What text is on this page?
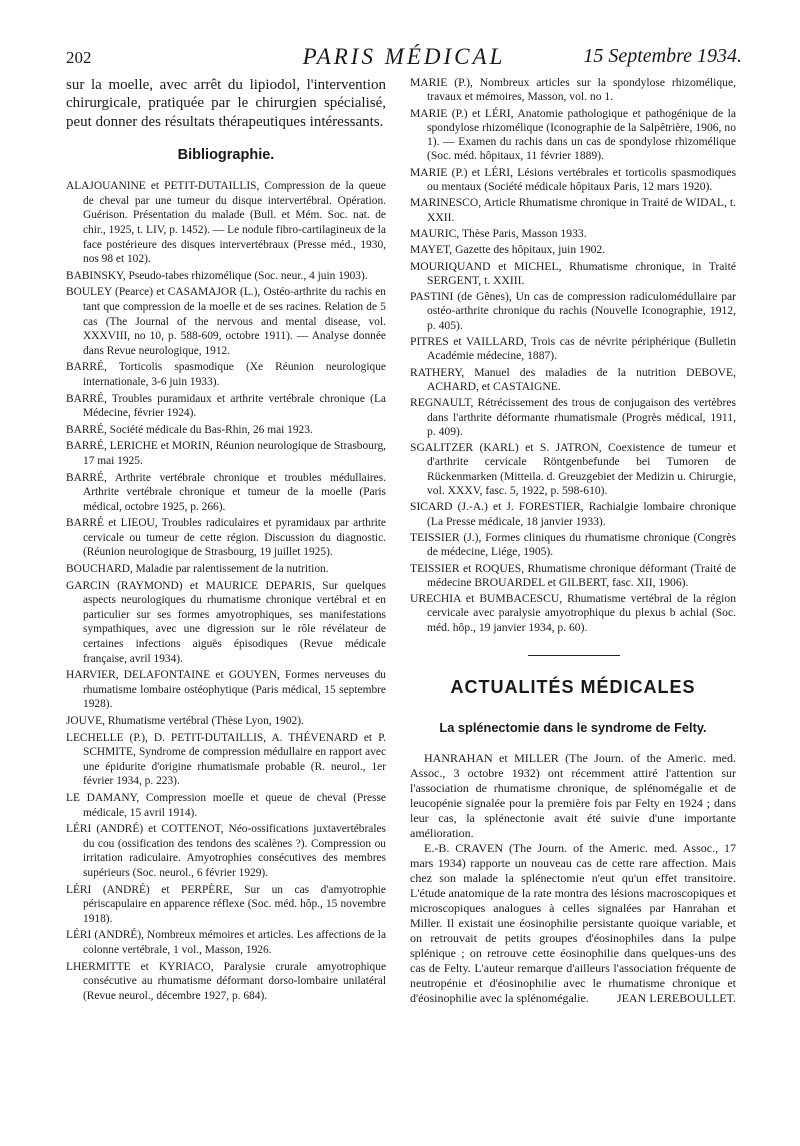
202	PARIS MÉDICAL	15 Septembre 1934.

sur la moelle, avec arrêt du lipiodol, l'intervention chirurgicale, pratiquée par le chirurgien spécialisé, peut donner des résultats thérapeutiques intéressants.

Bibliographie.

ALAJOUANINE et PETIT-DUTAILLIS, Compression de la queue de cheval par une tumeur du disque intervertébral. Opération. Guérison. Présentation du malade (Bull. et Mém. Soc. nat. de chir., 1925, t. LIV, p. 1452). — Le nodule fibro-cartilagineux de la face postérieure des disques intervertébraux (Presse méd., 1930, nos 98 et 102).

BABINSKY, Pseudo-tabes rhizomélique (Soc. neur., 4 juin 1903).

BOULEY (Pearce) et CASAMAJOR (L.), Ostéo-arthrite du rachis en tant que compression de la moelle et de ses racines. Relation de 5 cas (The Journal of the nervous and mental disease, vol. XXXVIII, no 10, p. 588-609, octobre 1911). — Analyse donnée dans Revue neurologique, 1912.

BARRÉ, Torticolis spasmodique (Xe Réunion neurologique internationale, 3-6 juin 1933).

BARRÉ, Troubles puramidaux et arthrite vertébrale chronique (La Médecine, février 1924).

BARRÉ, Société médicale du Bas-Rhin, 26 mai 1923.

BARRÉ, LERICHE et MORIN, Réunion neurologique de Strasbourg, 17 mai 1925.

BARRÉ, Arthrite vertébrale chronique et troubles médullaires. Arthrite vertébrale chronique et tumeur de la moelle (Paris médical, octobre 1925, p. 266).

BARRÉ et LIEOU, Troubles radiculaires et pyramidaux par arthrite cervicale ou tumeur de cette région. Discussion du diagnostic. (Réunion neurologique de Strasbourg, 19 juillet 1925).

BOUCHARD, Maladie par ralentissement de la nutrition.

GARCIN (RAYMOND) et MAURICE DEPARIS, Sur quelques aspects neurologiques du rhumatisme chronique vertébral et en particulier sur ses formes amyotrophiques, ses manifestations sympathiques, avec une digression sur le rôle révélateur de certaines infections aiguës épisodiques (Revue médicale française, avril 1934).

HARVIER, DELAFONTAINE et GOUYEN, Formes nerveuses du rhumatisme lombaire ostéophytique (Paris médical, 15 septembre 1928).

JOUVE, Rhumatisme vertébral (Thèse Lyon, 1902).

LECHELLE (P.), D. PETIT-DUTAILLIS, A. THÉVENARD et P. SCHMITE, Syndrome de compression médullaire en rapport avec une épidurite d'origine rhumatismale probable (R. neurol., 1er février 1934, p. 223).

LE DAMANY, Compression moelle et queue de cheval (Presse médicale, 15 avril 1914).

LÉRI (ANDRÉ) et COTTENOT, Néo-ossifications juxtavertébrales du cou (ossification des tendons des scalènes ?). Compression ou irritation radiculaire. Amyotrophies consécutives des membres supérieurs (Soc. neurol., 6 février 1929).

LÉRI (ANDRÉ) et PERPÈRE, Sur un cas d'amyotrophie périscapulaire en apparence réflexe (Soc. méd. hôp., 15 novembre 1918).

LÉRI (ANDRÉ), Nombreux mémoires et articles. Les affections de la colonne vertébrale, 1 vol., Masson, 1926.

LHERMITTE et KYRIACO, Paralysie crurale amyotrophique consécutive au rhumatisme déformant dorso-lombaire unilatéral (Revue neurol., décembre 1927, p. 684).

MARIE (P.), Nombreux articles sur la spondylose rhizomélique, travaux et mémoires, Masson, vol. no 1.

MARIE (P.) et LÉRI, Anatomie pathologique et pathogénique de la spondylose rhizomélique (Iconographie de la Salpêtrière, 1906, no 1). — Examen du rachis dans un cas de spondylose rhizomélique (Soc. méd. hôpitaux, 11 février 1889).

MARIE (P.) et LÉRI, Lésions vertébrales et torticolis spasmodiques ou mentaux (Société médicale hôpitaux Paris, 12 mars 1920).

MARINESCO, Article Rhumatisme chronique in Traité de WIDAL, t. XXII.

MAURIC, Thèse Paris, Masson 1933.

MAYET, Gazette des hôpitaux, juin 1902.

MOURIQUAND et MICHEL, Rhumatisme chronique, in Traité SERGENT, t. XXIII.

PASTINI (de Gênes), Un cas de compression radiculomédullaire par ostéo-arthrite chronique du rachis (Nouvelle Iconographie, 1912, p. 405).

PITRES et VAILLARD, Trois cas de névrite périphérique (Bulletin Académie médecine, 1887).

RATHERY, Manuel des maladies de la nutrition DEBOVE, ACHARD, et CASTAIGNE.

REGNAULT, Rétrécissement des trous de conjugaison des vertèbres dans l'arthrite déformante rhumatismale (Progrès médical, 1911, p. 409).

SGALITZER (KARL) et S. JATRON, Coexistence de tumeur et d'arthrite cervicale Röntgenbefunde bei Tumoren de Rückenmarken (Mitteila. d. Greuzgebiet der Medizin u. Chirurgie, vol. XXXV, fasc. 5, 1922, p. 598-610).

SICARD (J.-A.) et J. FORESTIER, Rachialgie lombaire chronique (La Presse médicale, 18 janvier 1933).

TEISSIER (J.), Formes cliniques du rhumatisme chronique (Congrès de médecine, Liége, 1905).

TEISSIER et ROQUES, Rhumatisme chronique déformant (Traité de médecine BROUARDEL et GILBERT, fasc. XII, 1906).

URECHIA et BUMBACESCU, Rhumatisme vertébral de la région cervicale avec paralysie amyotrophique du plexus b achial (Soc. méd. hôp., 19 janvier 1934, p. 60).

ACTUALITÉS MÉDICALES
La splénectomie dans le syndrome de Felty.

HANRAHAN et MILLER (The Journ. of the Americ. med. Assoc., 3 octobre 1932) ont récemment attiré l'attention sur l'association de rhumatisme chronique, de splénomégalie et de leucopénie signalée pour la première fois par Felty en 1924 ; dans leur cas, la splénectonie avait été suivie d'une importante amélioration.

E.-B. CRAVEN (The Journ. of the Americ. med. Assoc., 17 mars 1934) rapporte un nouveau cas de cette rare affection. Mais chez son malade la splénectomie n'eut qu'un effet transitoire. L'étude anatomique de la rate montra des lésions macroscopiques et microscopiques analogues à celles signalées par Hanrahan et Miller. Il existait une éosinophilie persistante quoique variable, et on retrouvait de petits groupes d'éosinophiles dans la pulpe splénique ; on retrouve cette éosinophilie dans quelques-uns des cas de Felty. L'auteur remarque d'ailleurs l'association fréquente de neutropénie et d'éosinophilie avec le rhumatisme chronique et d'éosinophilie avec la splénomégalie.	JEAN LEREBOULLET.
